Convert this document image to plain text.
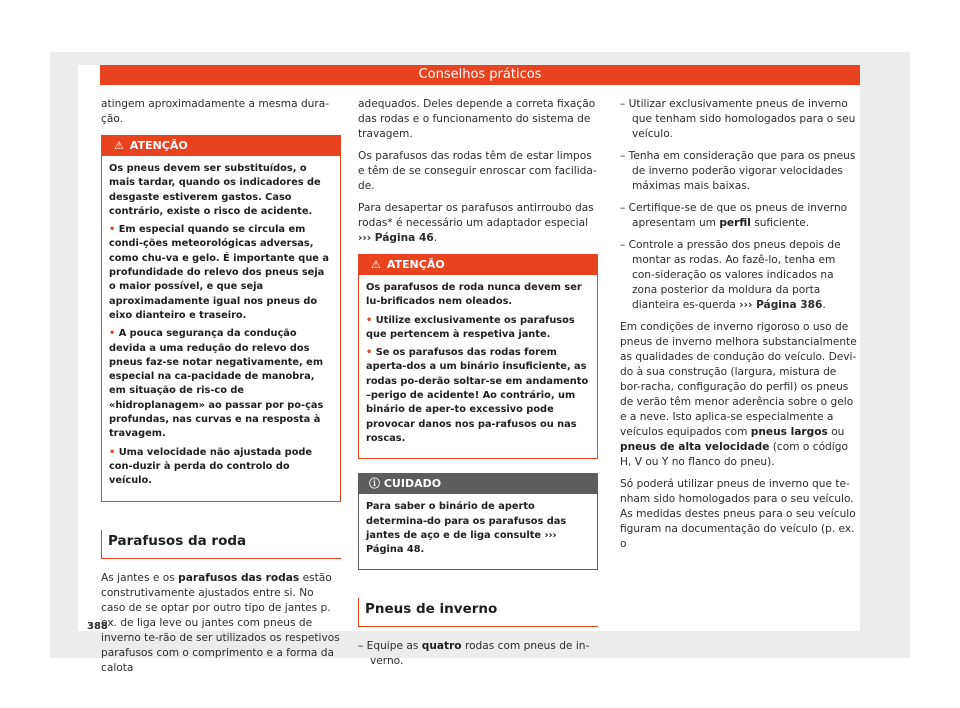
Conselhos práticos

atingem aproximadamente a mesma dura-ção.

⚠ ATENÇÃO

Os pneus devem ser substituídos, o mais tardar, quando os indicadores de desgaste estiverem gastos. Caso contrário, existe o risco de acidente.

• Em especial quando se circula em condi-ções meteorológicas adversas, como chu-va e gelo. É importante que a profundidade do relevo dos pneus seja o maior possível, e que seja aproximadamente igual nos pneus do eixo dianteiro e traseiro.

• A pouca segurança da condução devida a uma redução do relevo dos pneus faz-se notar negativamente, em especial na ca-pacidade de manobra, em situação de ris-co de «hidroplanagem» ao passar por po-ças profundas, nas curvas e na resposta à travagem.

• Uma velocidade não ajustada pode con-duzir à perda do controlo do veículo.

Parafusos da roda

As jantes e os parafusos das rodas estão construtivamente ajustados entre si. No caso de se optar por outro tipo de jantes p. ex. de liga leve ou jantes com pneus de inverno te-rão de ser utilizados os respetivos parafusos com o comprimento e a forma da calota

adequados. Deles depende a correta fixação das rodas e o funcionamento do sistema de travagem.

Os parafusos das rodas têm de estar limpos e têm de se conseguir enroscar com facilida-de.

Para desapertar os parafusos antirroubo das rodas* é necessário um adaptador especial ››› Página 46.

⚠ ATENÇÃO

Os parafusos de roda nunca devem ser lu-brificados nem oleados.

• Utilize exclusivamente os parafusos que pertencem à respetiva jante.

• Se os parafusos das rodas forem aperta-dos a um binário insuficiente, as rodas po-derão soltar-se em andamento –perigo de acidente! Ao contrário, um binário de aper-to excessivo pode provocar danos nos pa-rafusos ou nas roscas.

ⓘ CUIDADO

Para saber o binário de aperto determina-do para os parafusos das jantes de aço e de liga consulte ››› Página 48.

Pneus de inverno

– Equipe as quatro rodas com pneus de in-verno.

– Utilizar exclusivamente pneus de inverno que tenham sido homologados para o seu veículo.

– Tenha em consideração que para os pneus de inverno poderão vigorar velocidades máximas mais baixas.

– Certifique-se de que os pneus de inverno apresentam um perfil suficiente.

– Controle a pressão dos pneus depois de montar as rodas. Ao fazê-lo, tenha em con-sideração os valores indicados na zona posterior da moldura da porta dianteira es-querda ››› Página 386.

Em condições de inverno rigoroso o uso de pneus de inverno melhora substancialmente as qualidades de condução do veículo. Devi-do à sua construção (largura, mistura de bor-racha, configuração do perfil) os pneus de verão têm menor aderência sobre o gelo e a neve. Isto aplica-se especialmente a veículos equipados com pneus largos ou pneus de alta velocidade (com o código H, V ou Y no flanco do pneu).

Só poderá utilizar pneus de inverno que te-nham sido homologados para o seu veículo. As medidas destes pneus para o seu veículo figuram na documentação do veículo (p. ex. o

388
